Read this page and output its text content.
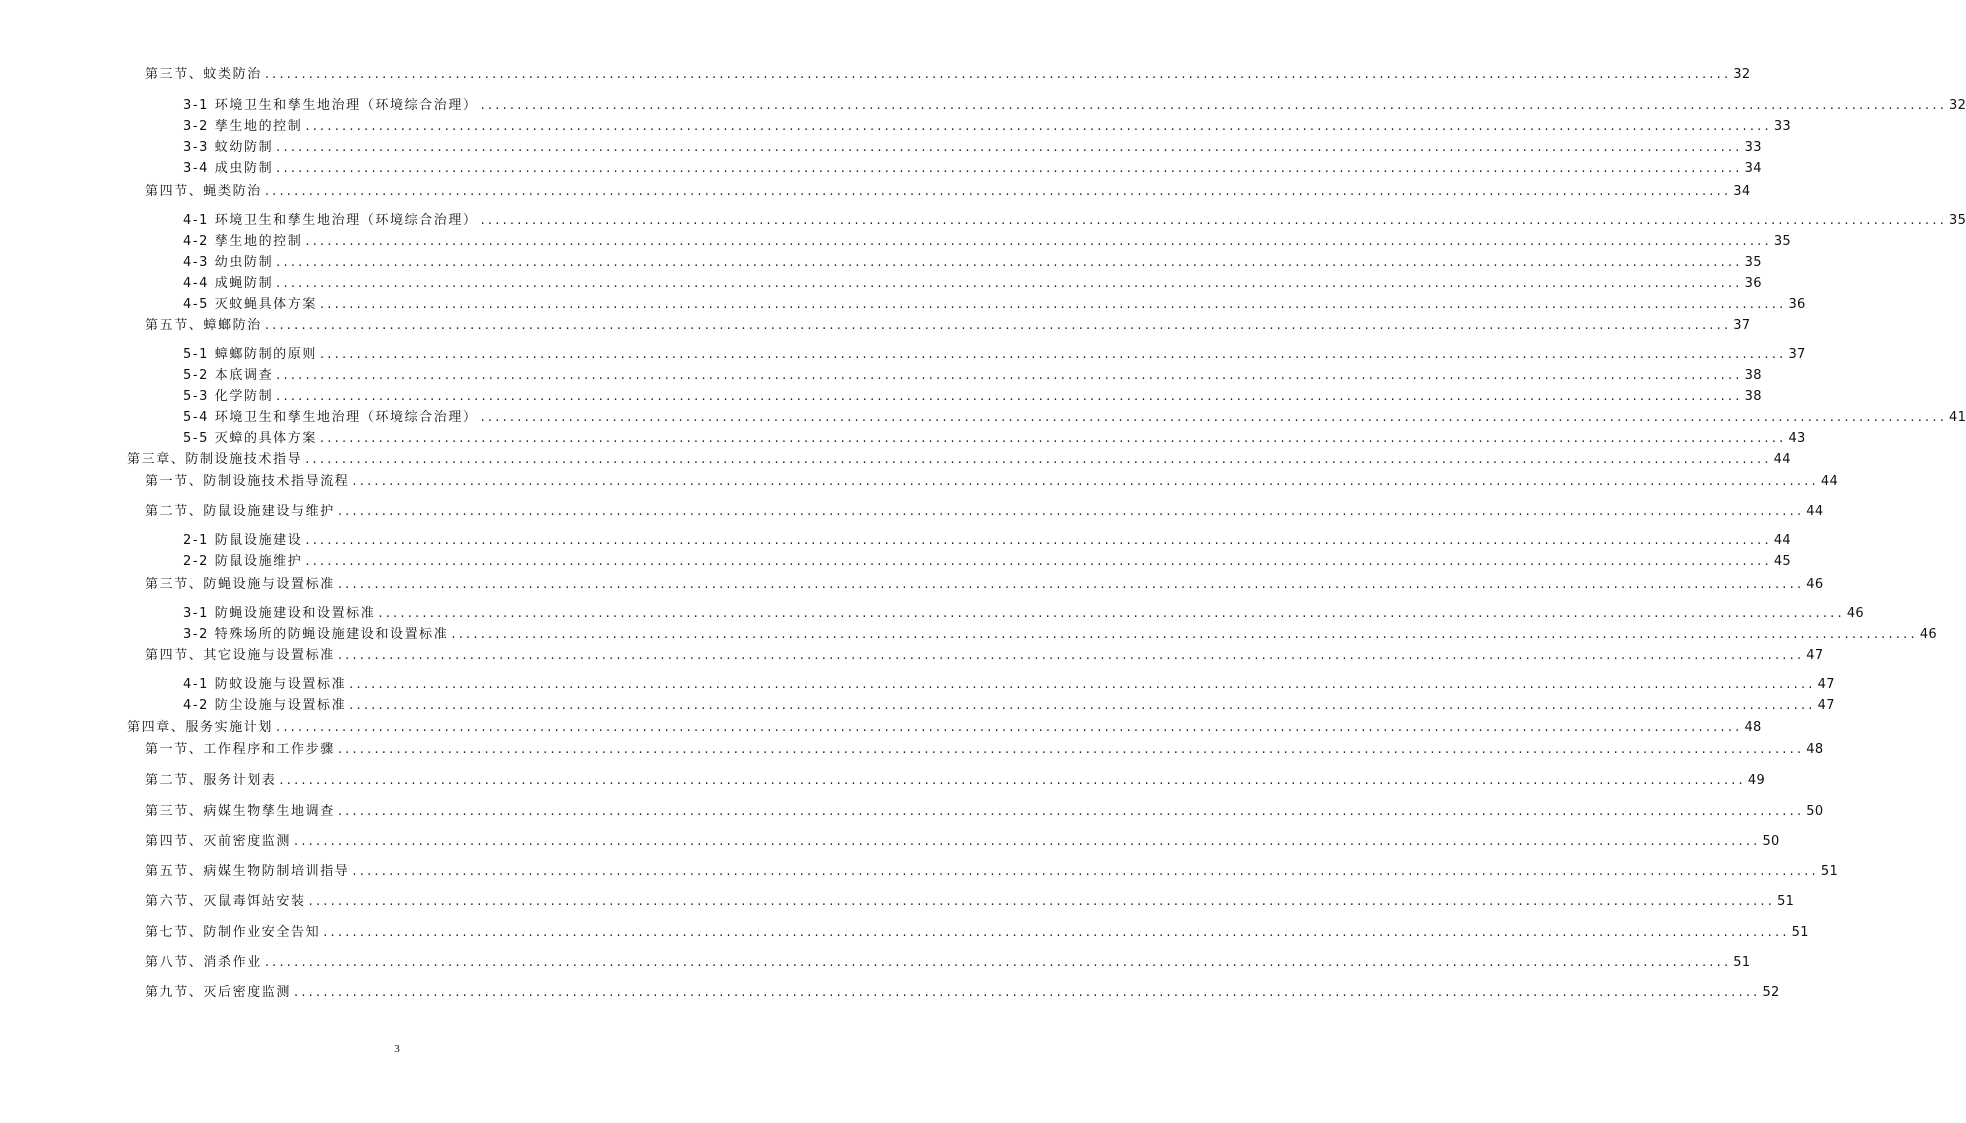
第三节、蚊类防治 ........................................................................................................................................................................................................ 32
3-1 环境卫生和孳生地治理（环境综合治理） ........................................................................................................................................................................................................ 32
3-2 孳生地的控制 ........................................................................................................................................................................................................ 33
3-3 蚊幼防制 ........................................................................................................................................................................................................ 33
3-4 成虫防制 ........................................................................................................................................................................................................ 34
第四节、蝇类防治 ........................................................................................................................................................................................................ 34
4-1 环境卫生和孳生地治理（环境综合治理） ........................................................................................................................................................................................................ 35
4-2 孳生地的控制 ........................................................................................................................................................................................................ 35
4-3 幼虫防制 ........................................................................................................................................................................................................ 35
4-4 成蝇防制 ........................................................................................................................................................................................................ 36
4-5 灭蚊蝇具体方案 ........................................................................................................................................................................................................ 36
第五节、蟑螂防治 ........................................................................................................................................................................................................ 37
5-1 蟑螂防制的原则 ........................................................................................................................................................................................................ 37
5-2 本底调查 ........................................................................................................................................................................................................ 38
5-3 化学防制 ........................................................................................................................................................................................................ 38
5-4 环境卫生和孳生地治理（环境综合治理） ........................................................................................................................................................................................................ 41
5-5 灭蟑的具体方案 ........................................................................................................................................................................................................ 43
第三章、防制设施技术指导 ........................................................................................................................................................................................................ 44
第一节、防制设施技术指导流程 ........................................................................................................................................................................................................ 44
第二节、防鼠设施建设与维护 ........................................................................................................................................................................................................ 44
2-1 防鼠设施建设 ........................................................................................................................................................................................................ 44
2-2 防鼠设施维护 ........................................................................................................................................................................................................ 45
第三节、防蝇设施与设置标准 ........................................................................................................................................................................................................ 46
3-1 防蝇设施建设和设置标准 ........................................................................................................................................................................................................ 46
3-2 特殊场所的防蝇设施建设和设置标准 ........................................................................................................................................................................................................ 46
第四节、其它设施与设置标准 ........................................................................................................................................................................................................ 47
4-1 防蚊设施与设置标准 ........................................................................................................................................................................................................ 47
4-2 防尘设施与设置标准 ........................................................................................................................................................................................................ 47
第四章、服务实施计划 ........................................................................................................................................................................................................ 48
第一节、工作程序和工作步骤 ........................................................................................................................................................................................................ 48
第二节、服务计划表 ........................................................................................................................................................................................................ 49
第三节、病媒生物孳生地调查 ........................................................................................................................................................................................................ 50
第四节、灭前密度监测 ........................................................................................................................................................................................................ 50
第五节、病媒生物防制培训指导 ........................................................................................................................................................................................................ 51
第六节、灭鼠毒饵站安装 ........................................................................................................................................................................................................ 51
第七节、防制作业安全告知 ........................................................................................................................................................................................................ 51
第八节、消杀作业 ........................................................................................................................................................................................................ 51
第九节、灭后密度监测 ........................................................................................................................................................................................................ 52
3
